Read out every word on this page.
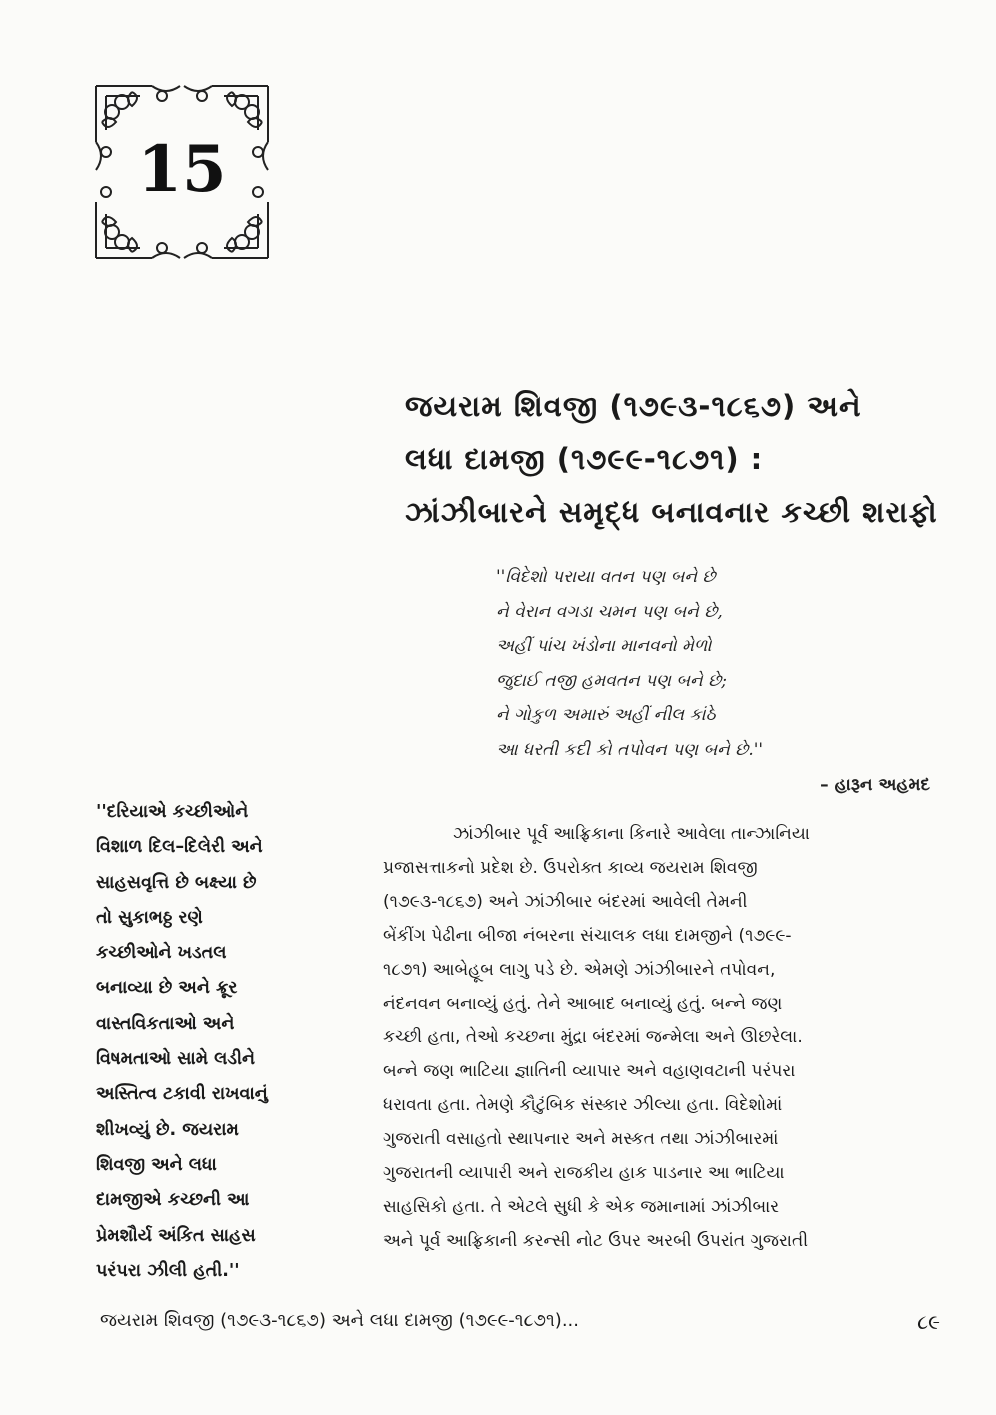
15
જયરામ શિવજી (૧૭૯૩-૧૮૬૭) અને
લધા દામજી (૧૭૯૯-૧૮૭૧) :
ઝાંઝીબારને સમૃદ્ધ બનાવનાર કચ્છી શરાફો
''વિદેશો પરાયા વતન પણ બને છે
ને વેરાન વગડા ચમન પણ બને છે,
અહીં પાંચ ખંડોના માનવનો મેળો
જુદાઈ તજી હમવતન પણ બને છે;
ને ગોકુળ અમારું અહીં નીલ કાંઠે
આ ધરતી કદી કો તપોવન પણ બને છે.''
– હારૂન અહમદ
''દરિયાએ કચ્છીઓને
વિશાળ દિલ–દિલેરી અને
સાહસવૃત્તિ છે બક્ષ્યા છે
તો સુકાભઠ્ઠ રણે
કચ્છીઓને ખડતલ
બનાવ્યા છે અને ક્રૂર
વાસ્તવિકતાઓ અને
વિષમતાઓ સામે લડીને
અસ્તિત્વ ટકાવી રાખવાનું
શીખવ્યું છે. જયરામ
શિવજી અને લધા
દામજીએ કચ્છની આ
પ્રેમશૌર્ય અંકિત સાહસ
પરંપરા ઝીલી હતી.''
ઝાંઝીબાર પૂર્વ આફ્રિકાના કિનારે આવેલા તાન્ઝાનિયા
પ્રજાસત્તાકનો પ્રદેશ છે. ઉપરોક્ત કાવ્ય જયરામ શિવજી
(૧૭૯૩-૧૮૬૭) અને ઝાંઝીબાર બંદરમાં આવેલી તેમની
બેંકીંગ પેઢીના બીજા નંબરના સંચાલક લધા દામજીને (૧૭૯૯-
૧૮૭૧) આબેહૂબ લાગુ પડે છે. એમણે ઝાંઝીબારને તપોવન,
નંદનવન બનાવ્યું હતું. તેને આબાદ બનાવ્યું હતું. બન્ને જણ
કચ્છી હતા, તેઓ કચ્છના મુંદ્રા બંદરમાં જન્મેલા અને ઊછરેલા.
બન્ને જણ ભાટિયા જ્ઞાતિની વ્યાપાર અને વહાણવટાની પરંપરા
ધરાવતા હતા. તેમણે કૌટુંબિક સંસ્કાર ઝીલ્યા હતા. વિદેશોમાં
ગુજરાતી વસાહતો સ્થાપનાર અને મસ્કત તથા ઝાંઝીબારમાં
ગુજરાતની વ્યાપારી અને રાજકીય હાક પાડનાર આ ભાટિયા
સાહસિકો હતા. તે એટલે સુધી કે એક જમાનામાં ઝાંઝીબાર
અને પૂર્વ આફ્રિકાની કરન્સી નોટ ઉપર અરબી ઉપરાંત ગુજરાતી
જયરામ શિવજી (૧૭૯૩-૧૮૬૭) અને લધા દામજી (૧૭૯૯-૧૮૭૧)...	૮૯
